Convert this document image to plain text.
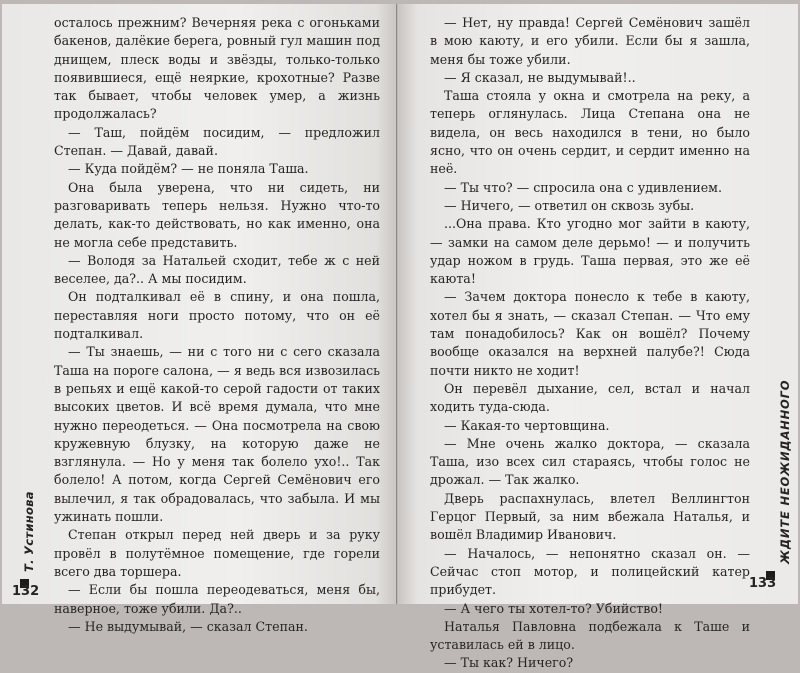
осталось прежним? Вечерняя река с огоньками бакенов, далёкие берега, ровный гул машин под днищем, плеск воды и звёзды, только-только появившиеся, ещё неяркие, крохотные? Разве так бывает, чтобы человек умер, а жизнь продолжалась?

— Таш, пойдём посидим, — предложил Степан. — Давай, давай.

— Куда пойдём? — не поняла Таша.

Она была уверена, что ни сидеть, ни разговаривать теперь нельзя. Нужно что-то делать, как-то действовать, но как именно, она не могла себе представить.

— Володя за Натальей сходит, тебе ж с ней веселее, да?.. А мы посидим.

Он подталкивал её в спину, и она пошла, переставляя ноги просто потому, что он её подталкивал.

— Ты знаешь, — ни с того ни с сего сказала Таша на пороге салона, — я ведь вся извозилась в репьях и ещё какой-то серой гадости от таких высоких цветов. И всё время думала, что мне нужно переодеться. — Она посмотрела на свою кружевную блузку, на которую даже не взглянула. — Но у меня так болело ухо!.. Так болело! А потом, когда Сергей Семёнович его вылечил, я так обрадовалась, что забыла. И мы ужинать пошли.

Степан открыл перед ней дверь и за руку провёл в полутёмное помещение, где горели всего два торшера.

— Если бы пошла переодеваться, меня бы, наверное, тоже убили. Да?..

— Не выдумывай, — сказал Степан.

Т. Устинова
132

— Нет, ну правда! Сергей Семёнович зашёл в мою каюту, и его убили. Если бы я зашла, меня бы тоже убили.

— Я сказал, не выдумывай!..

Таша стояла у окна и смотрела на реку, а теперь оглянулась. Лица Степана она не видела, он весь находился в тени, но было ясно, что он очень сердит, и сердит именно на неё.

— Ты что? — спросила она с удивлением.

— Ничего, — ответил он сквозь зубы.

...Она права. Кто угодно мог зайти в каюту, — замки на самом деле дерьмо! — и получить удар ножом в грудь. Таша первая, это же её каюта!

— Зачем доктора понесло к тебе в каюту, хотел бы я знать, — сказал Степан. — Что ему там понадобилось? Как он вошёл? Почему вообще оказался на верхней палубе?! Сюда почти никто не ходит!

Он перевёл дыхание, сел, встал и начал ходить туда-сюда.

— Какая-то чертовщина.

— Мне очень жалко доктора, — сказала Таша, изо всех сил стараясь, чтобы голос не дрожал. — Так жалко.

Дверь распахнулась, влетел Веллингтон Герцог Первый, за ним вбежала Наталья, и вошёл Владимир Иванович.

— Началось, — непонятно сказал он. — Сейчас стоп мотор, и полицейский катер прибудет.

— А чего ты хотел-то? Убийство!

Наталья Павловна подбежала к Таше и уставилась ей в лицо.

— Ты как? Ничего?

ЖДИТЕ НЕОЖИДАННОГО
133
